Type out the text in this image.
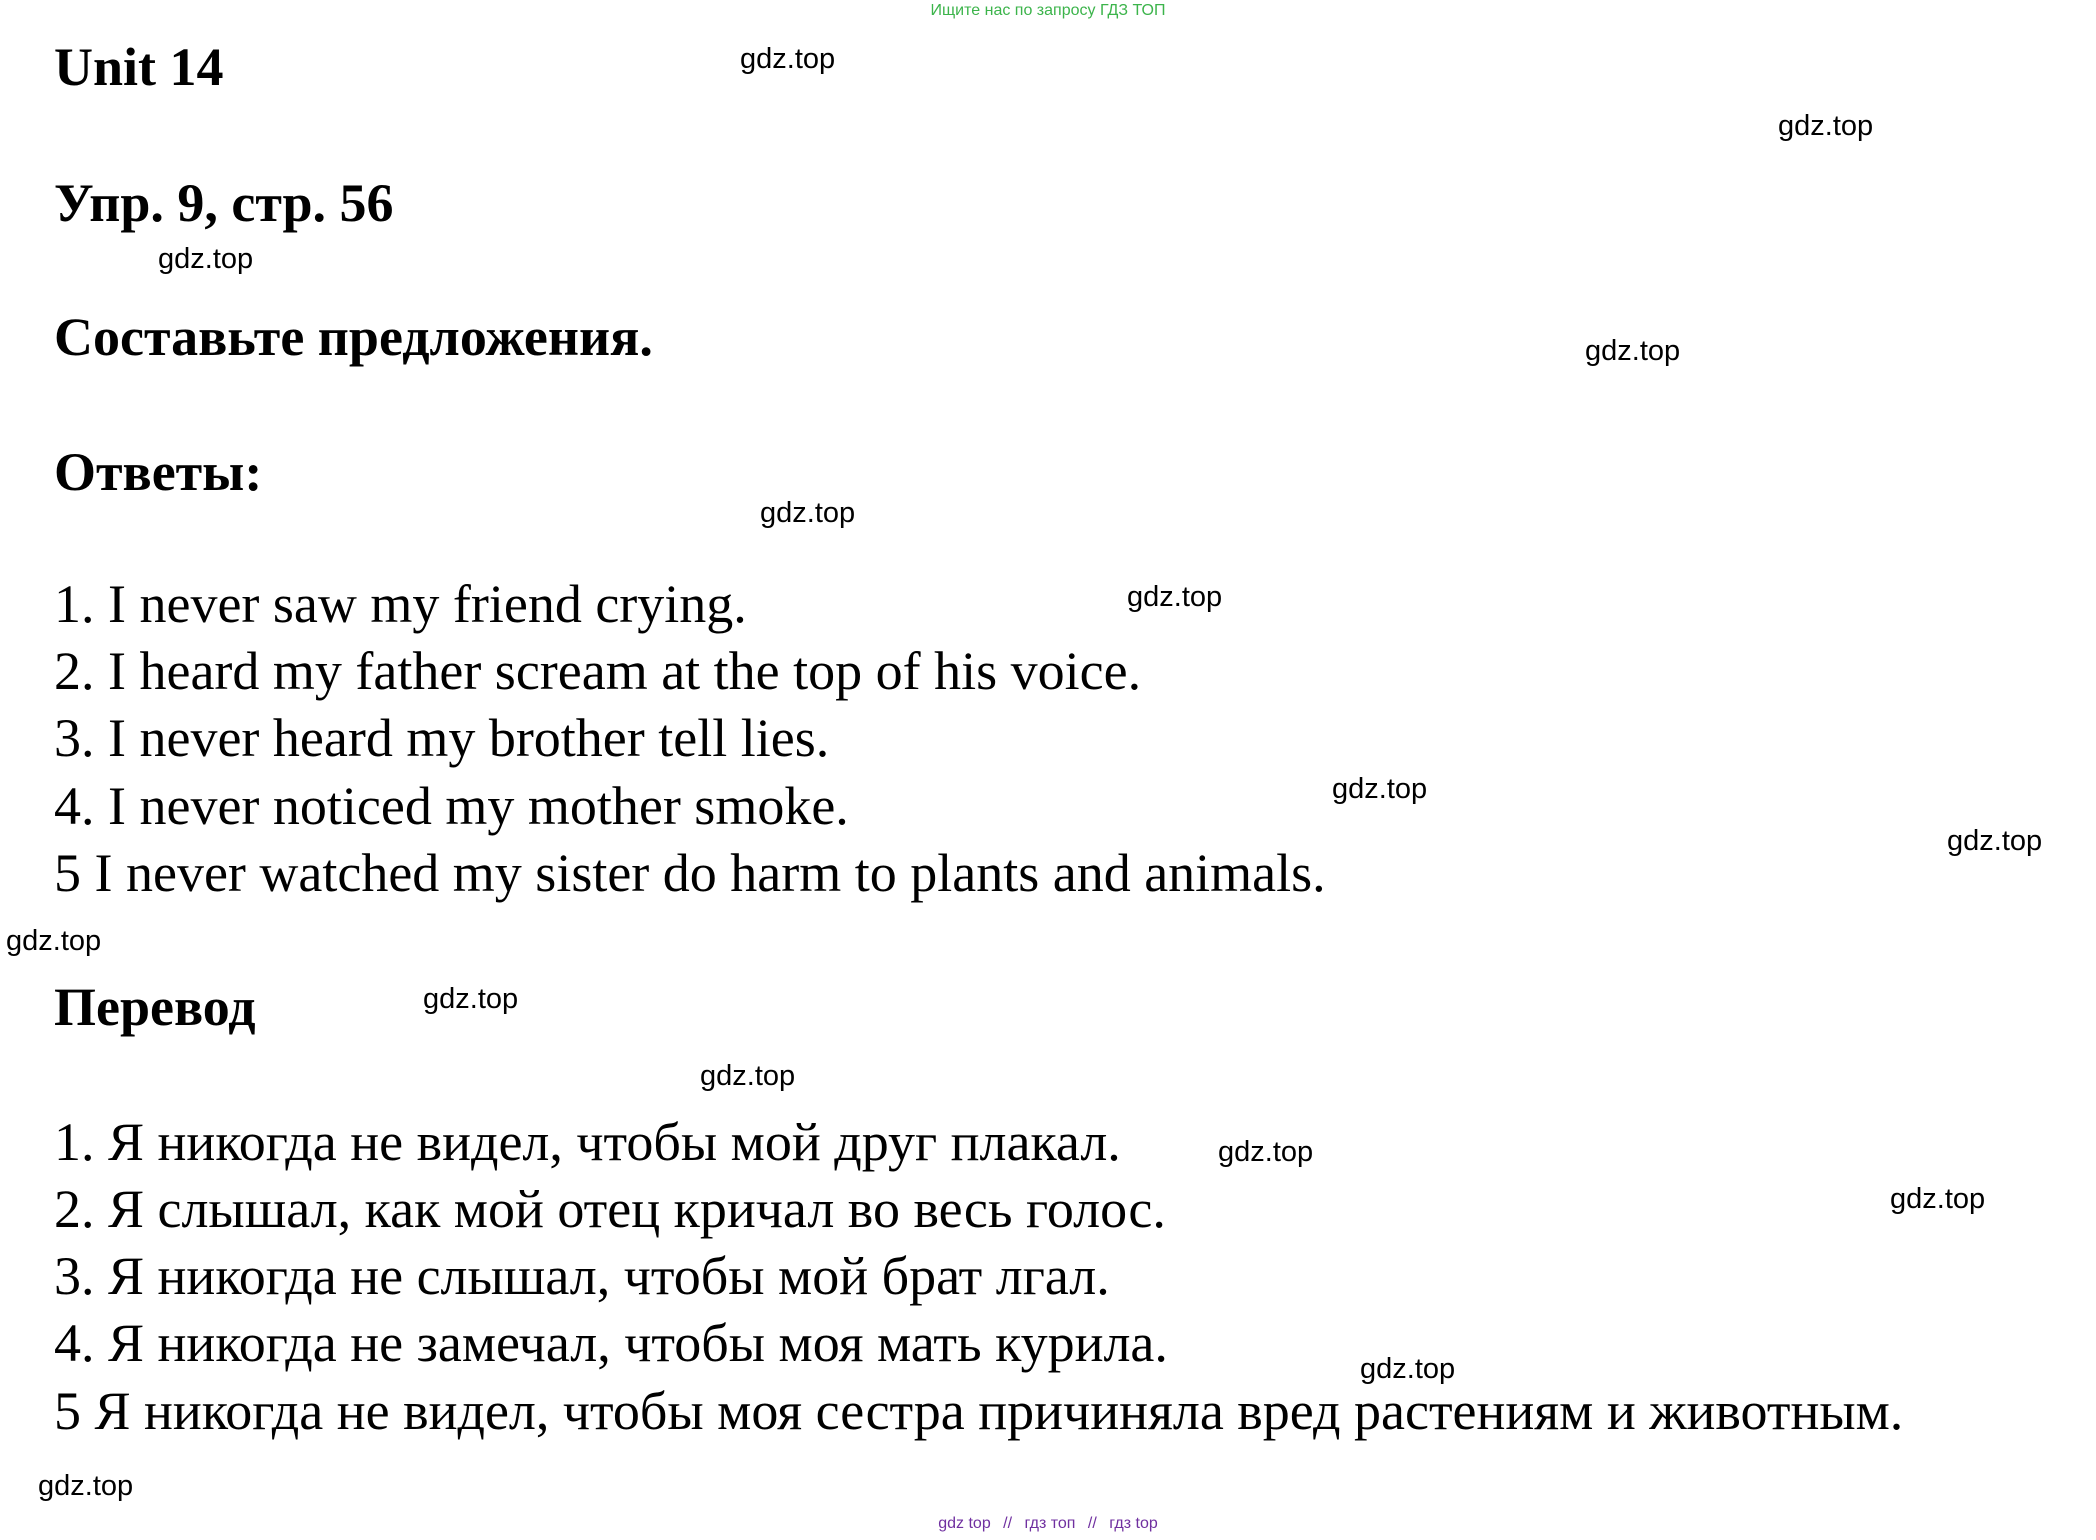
Ищите нас по запросу ГДЗ ТОП
Unit 14
Упр. 9, стр. 56
Составьте предложения.
Ответы:
1. I never saw my friend crying.
2. I heard my father scream at the top of his voice.
3. I never heard my brother tell lies.
4. I never noticed my mother smoke.
5 I never watched my sister do harm to plants and animals.
Перевод
1. Я никогда не видел, чтобы мой друг плакал.
2. Я слышал, как мой отец кричал во весь голос.
3. Я никогда не слышал, чтобы мой брат лгал.
4. Я никогда не замечал, чтобы моя мать курила.
5 Я никогда не видел, чтобы моя сестра причиняла вред растениям и животным.
gdz.top
gdz.top
gdz.top
gdz.top
gdz.top
gdz.top
gdz.top
gdz.top
gdz.top
gdz.top
gdz.top
gdz.top
gdz.top
gdz.top
gdz.top
gdz top // гдз топ // гдз top
